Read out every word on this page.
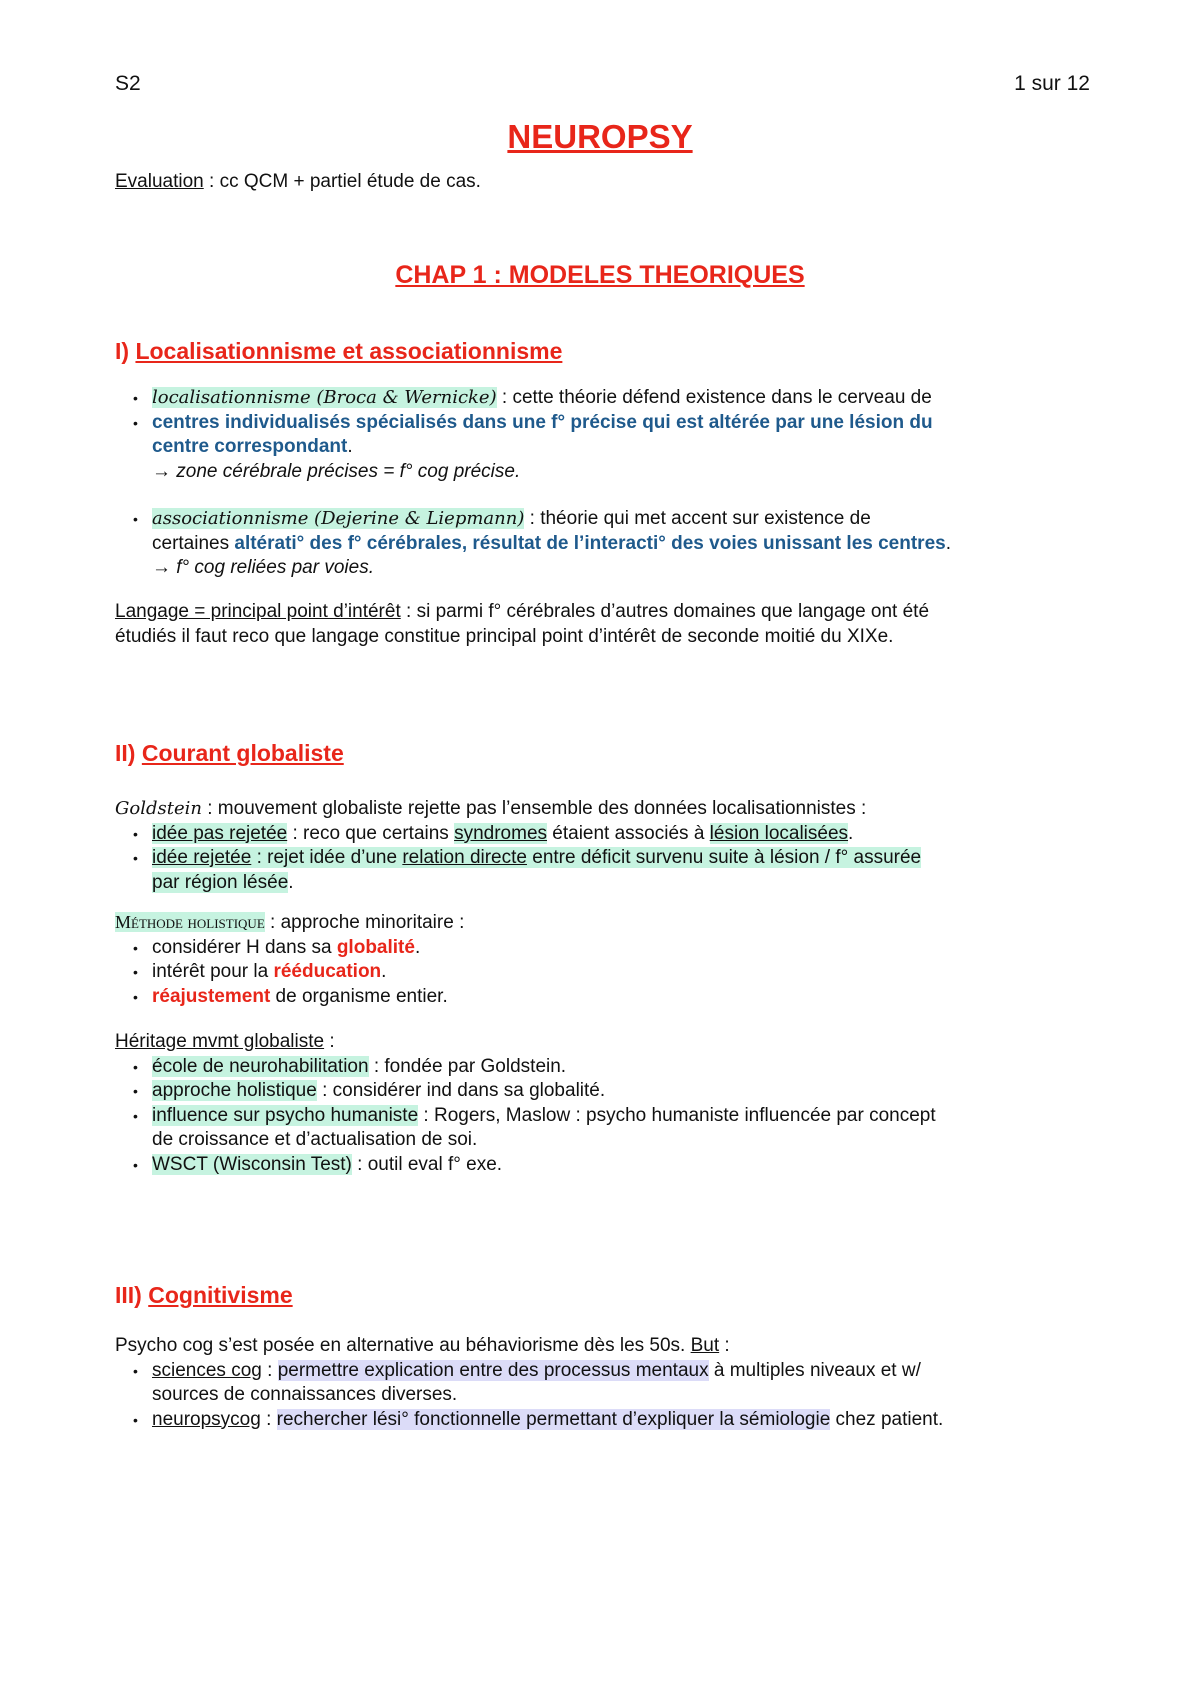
S2	1 sur 12
NEUROPSY
Evaluation : cc QCM + partiel étude de cas.
CHAP 1 : MODELES THEORIQUES
I) Localisationnisme et associationnisme
• localisationnisme (Broca & Wernicke) : cette théorie défend existence dans le cerveau de
• centres individualisés spécialisés dans une f° précise qui est altérée par une lésion du
centre correspondant.
→ zone cérébrale précises = f° cog précise.
• associationnisme (Dejerine & Liepmann) : théorie qui met accent sur existence de
certaines altérati° des f° cérébrales, résultat de l’interacti° des voies unissant les centres.
→ f° cog reliées par voies.
Langage = principal point d’intérêt : si parmi f° cérébrales d’autres domaines que langage ont été
étudiés il faut reco que langage constitue principal point d’intérêt de seconde moitié du XIXe.
II) Courant globaliste
Goldstein : mouvement globaliste rejette pas l’ensemble des données localisationnistes :
• idée pas rejetée : reco que certains syndromes étaient associés à lésion localisées.
• idée rejetée : rejet idée d’une relation directe entre déficit survenu suite à lésion / f° assurée
par région lésée.
Méthode holistique : approche minoritaire :
• considérer H dans sa globalité.
• intérêt pour la rééducation.
• réajustement de organisme entier.
Héritage mvmt globaliste :
• école de neurohabilitation : fondée par Goldstein.
• approche holistique : considérer ind dans sa globalité.
• influence sur psycho humaniste : Rogers, Maslow : psycho humaniste influencée par concept
de croissance et d’actualisation de soi.
• WSCT (Wisconsin Test) : outil eval f° exe.
III) Cognitivisme
Psycho cog s’est posée en alternative au béhaviorisme dès les 50s. But :
• sciences cog : permettre explication entre des processus mentaux à multiples niveaux et w/
sources de connaissances diverses.
• neuropsycog : rechercher lési° fonctionnelle permettant d’expliquer la sémiologie chez patient.
